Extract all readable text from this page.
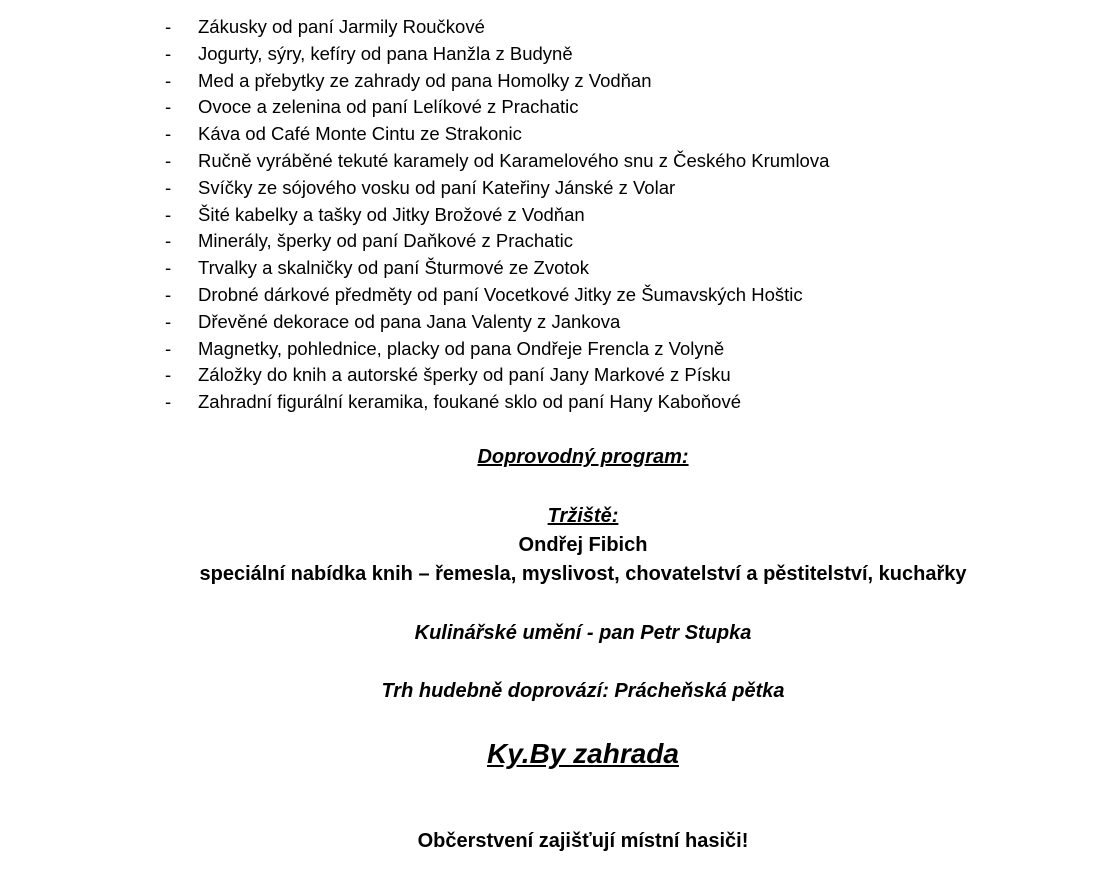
- Zákusky od paní Jarmily Roučkové
- Jogurty, sýry, kefíry od pana Hanžla z Budyně
- Med a přebytky ze zahrady od pana Homolky z Vodňan
- Ovoce a zelenina od paní Lelíkové z Prachatic
- Káva od Café Monte Cintu ze Strakonic
- Ručně vyráběné tekuté karamely od Karamelového snu z Českého Krumlova
- Svíčky ze sójového vosku od paní Kateřiny Jánské z Volar
- Šité kabelky a tašky od Jitky Brožové z Vodňan
- Minerály, šperky od paní Daňkové z Prachatic
- Trvalky a skalničky od paní Šturmové ze Zvotok
- Drobné dárkové předměty od paní Vocetkové Jitky ze Šumavských Hoštic
- Dřevěné dekorace od pana Jana Valenty z Jankova
- Magnetky, pohlednice, placky od pana Ondřeje Frencla z Volyně
- Záložky do knih a autorské šperky od paní Jany Markové z Písku
- Zahradní figurální keramika, foukané sklo od paní Hany Kaboňové
Doprovodný program:
Tržiště:
Ondřej Fibich
speciální nabídka knih – řemesla, myslivost, chovatelství a pěstitelství, kuchařky
Kulinářské umění - pan Petr Stupka
Trh hudebně doprovází: Prácheňská pětka
Ky.By zahrada
Občerstvení zajišťují místní hasiči!
